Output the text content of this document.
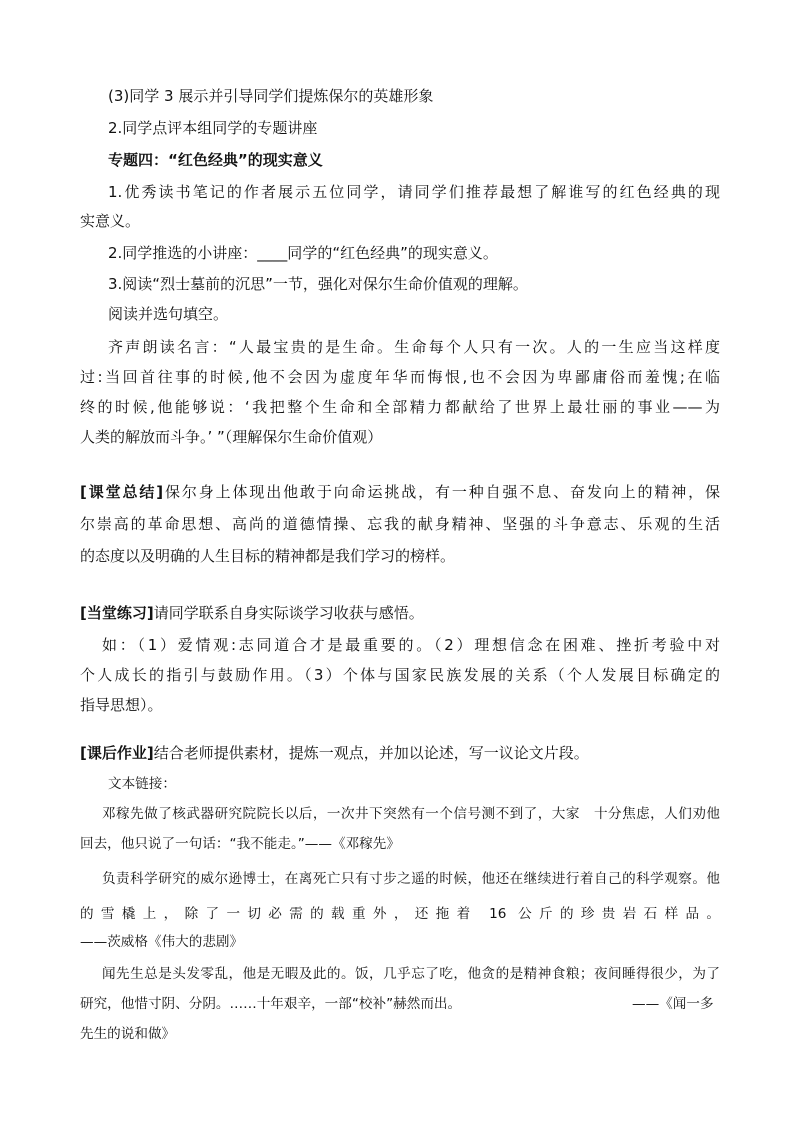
(3)同学 3 展示并引导同学们提炼保尔的英雄形象

2.同学点评本组同学的专题讲座

专题四：“红色经典”的现实意义

1.优秀读书笔记的作者展示五位同学，请同学们推荐最想了解谁写的红色经典的现

实意义。

2.同学推选的小讲座：____同学的“红色经典”的现实意义。

3.阅读“烈士墓前的沉思”一节，强化对保尔生命价值观的理解。

阅读并选句填空。

齐声朗读名言：“人最宝贵的是生命。生命每个人只有一次。人的一生应当这样度

过:当回首往事的时候,他不会因为虚度年华而悔恨,也不会因为卑鄙庸俗而羞愧;在临

终的时候,他能够说：‘我把整个生命和全部精力都献给了世界上最壮丽的事业——为

人类的解放而斗争。’ ”（理解保尔生命价值观）

[课堂总结]保尔身上体现出他敢于向命运挑战，有一种自强不息、奋发向上的精神，保

尔崇高的革命思想、高尚的道德情操、忘我的献身精神、坚强的斗争意志、乐观的生活

的态度以及明确的人生目标的精神都是我们学习的榜样。

[当堂练习]请同学联系自身实际谈学习收获与感悟。

如：（1）爱情观:志同道合才是最重要的。（2）理想信念在困难、挫折考验中对

个人成长的指引与鼓励作用。（3）个体与国家民族发展的关系（个人发展目标确定的

指导思想）。

[课后作业]结合老师提供素材，提炼一观点，并加以论述，写一议论文片段。

文本链接：

邓稼先做了核武器研究院院长以后，一次井下突然有一个信号测不到了，大家　十分焦虑，人们劝他

回去，他只说了一句话：“我不能走。”——《邓稼先》

负责科学研究的威尔逊博士，在离死亡只有寸步之遥的时候，他还在继续进行着自己的科学观察。他

的雪橇上，除了一切必需的载重外，还拖着 16 公斤的珍贵岩石样品。

——茨威格《伟大的悲剧》

闻先生总是头发零乱，他是无暇及此的。饭，几乎忘了吃，他贪的是精神食粮；夜间睡得很少，为了

研究，他惜寸阴、分阴。……十年艰辛，一部“校补”赫然而出。	——《闻一多

先生的说和做》
